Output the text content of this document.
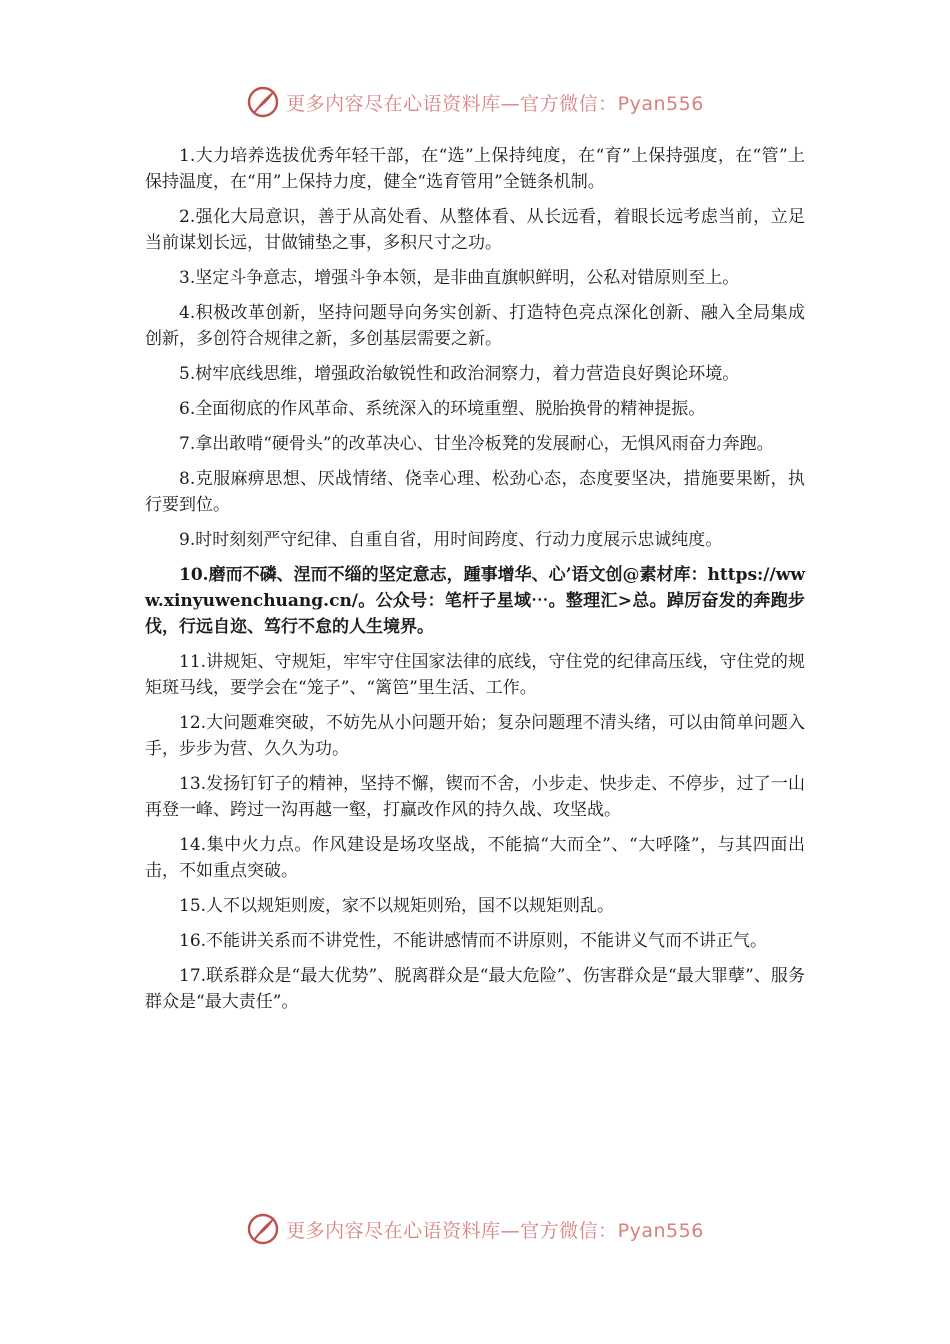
更多内容尽在心语资料库—官方微信：Pyan556

1.大力培养选拔优秀年轻干部，在“选”上保持纯度，在“育”上保持强度，在“管”上保持温度，在“用”上保持力度，健全“选育管用”全链条机制。

2.强化大局意识，善于从高处看、从整体看、从长远看，着眼长远考虑当前，立足当前谋划长远，甘做铺垫之事，多积尺寸之功。

3.坚定斗争意志，增强斗争本领，是非曲直旗帜鲜明，公私对错原则至上。

4.积极改革创新，坚持问题导向务实创新、打造特色亮点深化创新、融入全局集成创新，多创符合规律之新，多创基层需要之新。

5.树牢底线思维，增强政治敏锐性和政治洞察力，着力营造良好舆论环境。

6.全面彻底的作风革命、系统深入的环境重塑、脱胎换骨的精神提振。

7.拿出敢啃“硬骨头”的改革决心、甘坐冷板凳的发展耐心，无惧风雨奋力奔跑。

8.克服麻痹思想、厌战情绪、侥幸心理、松劲心态，态度要坚决，措施要果断，执行要到位。

9.时时刻刻严守纪律、自重自省，用时间跨度、行动力度展示忠诚纯度。

10.磨而不磷、涅而不缁的坚定意志，踵事增华、心’语文创@素材库：https://www.xinyuwenchuang.cn/。公众号：笔杆子星域⋯。整理汇>总。踔厉奋发的奔跑步伐，行远自迩、笃行不怠的人生境界。

11.讲规矩、守规矩，牢牢守住国家法律的底线，守住党的纪律高压线，守住党的规矩斑马线，要学会在“笼子”、“篱笆”里生活、工作。

12.大问题难突破，不妨先从小问题开始；复杂问题理不清头绪，可以由简单问题入手，步步为营、久久为功。

13.发扬钉钉子的精神，坚持不懈，锲而不舍，小步走、快步走、不停步，过了一山再登一峰、跨过一沟再越一壑，打赢改作风的持久战、攻坚战。

14.集中火力点。作风建设是场攻坚战，不能搞“大而全”、“大呼隆”，与其四面出击，不如重点突破。

15.人不以规矩则废，家不以规矩则殆，国不以规矩则乱。

16.不能讲关系而不讲党性，不能讲感情而不讲原则，不能讲义气而不讲正气。

17.联系群众是“最大优势”、脱离群众是“最大危险”、伤害群众是“最大罪孽”、服务群众是“最大责任”。

更多内容尽在心语资料库—官方微信：Pyan556
